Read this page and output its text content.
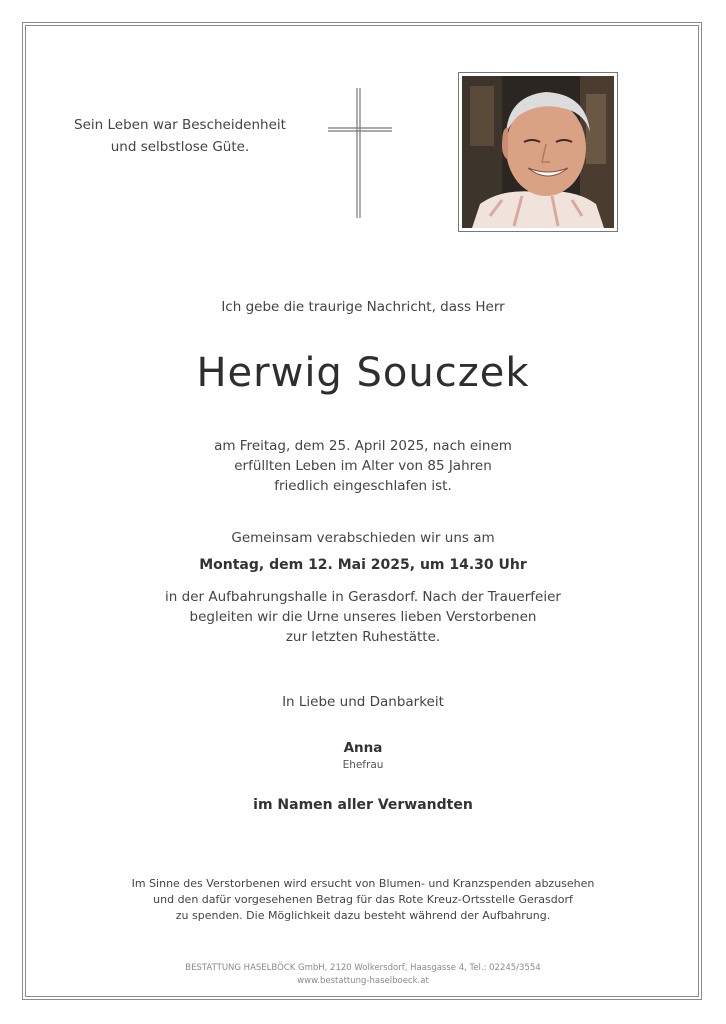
Sein Leben war Bescheidenheit
und selbstlose Güte.
Ich gebe die traurige Nachricht, dass Herr
Herwig Souczek
am Freitag, dem 25. April 2025, nach einem
erfüllten Leben im Alter von 85 Jahren
friedlich eingeschlafen ist.
Gemeinsam verabschieden wir uns am
Montag, dem 12. Mai 2025, um 14.30 Uhr
in der Aufbahrungshalle in Gerasdorf. Nach der Trauerfeier
begleiten wir die Urne unseres lieben Verstorbenen
zur letzten Ruhestätte.
In Liebe und Danbarkeit
Anna
Ehefrau
im Namen aller Verwandten
Im Sinne des Verstorbenen wird ersucht von Blumen- und Kranzspenden abzusehen
und den dafür vorgesehenen Betrag für das Rote Kreuz-Ortsstelle Gerasdorf
zu spenden. Die Möglichkeit dazu besteht während der Aufbahrung.
BESTATTUNG HASELBÖCK GmbH, 2120 Wolkersdorf, Haasgasse 4, Tel.: 02245/3554
www.bestattung-haselboeck.at
